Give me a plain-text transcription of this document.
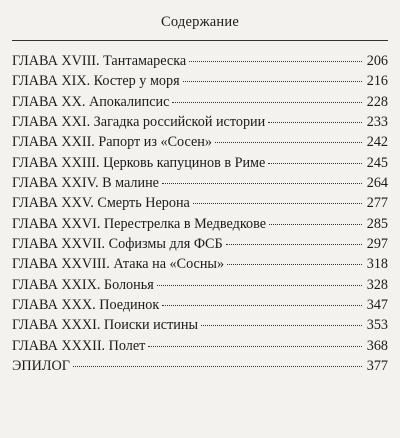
Содержание
ГЛАВА XVIII. Тантамареска	206
ГЛАВА XIX. Костер у моря	216
ГЛАВА XX. Апокалипсис	228
ГЛАВА XXI. Загадка российской истории	233
ГЛАВА XXII. Рапорт из «Сосен»	242
ГЛАВА XXIII. Церковь капуцинов в Риме	245
ГЛАВА XXIV. В малине	264
ГЛАВА XXV. Смерть Нерона	277
ГЛАВА XXVI. Перестрелка в Медведкове	285
ГЛАВА XXVII. Софизмы для ФСБ	297
ГЛАВА XXVIII. Атака на «Сосны»	318
ГЛАВА XXIX. Болонья	328
ГЛАВА XXX. Поединок	347
ГЛАВА XXXI. Поиски истины	353
ГЛАВА XXXII. Полет	368
ЭПИЛОГ	377
